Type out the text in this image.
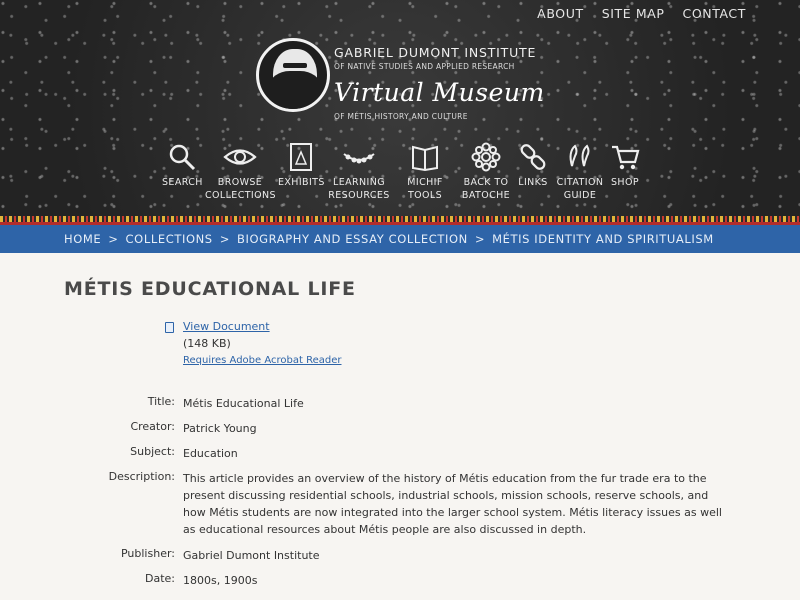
ABOUT SITE MAP CONTACT
GABRIEL DUMONT INSTITUTE
OF NATIVE STUDIES AND APPLIED RESEARCH
Virtual Museum
OF MÉTIS HISTORY AND CULTURE
SEARCH	BROWSE
COLLECTIONS
EXHIBITS LEARNING
RESOURCES
MICHIF
TOOLS
BACK TO
BATOCHE
LINKS CITATION
GUIDE
SHOP
HOME > COLLECTIONS > BIOGRAPHY AND ESSAY COLLECTION > MÉTIS IDENTITY AND SPIRITUALISM
MÉTIS EDUCATIONAL LIFE
View Document
(148 KB)
Requires Adobe Acrobat Reader
Title: Métis Educational Life
Creator: Patrick Young
Subject: Education
Description: This article provides an overview of the history of Métis education from the fur trade era to the present discussing residential schools, industrial schools, mission schools, reserve schools, and how Métis students are now integrated into the larger school system. Métis literacy issues as well as educational resources about Métis people are also discussed in depth.
Publisher: Gabriel Dumont Institute
Date: 1800s, 1900s
